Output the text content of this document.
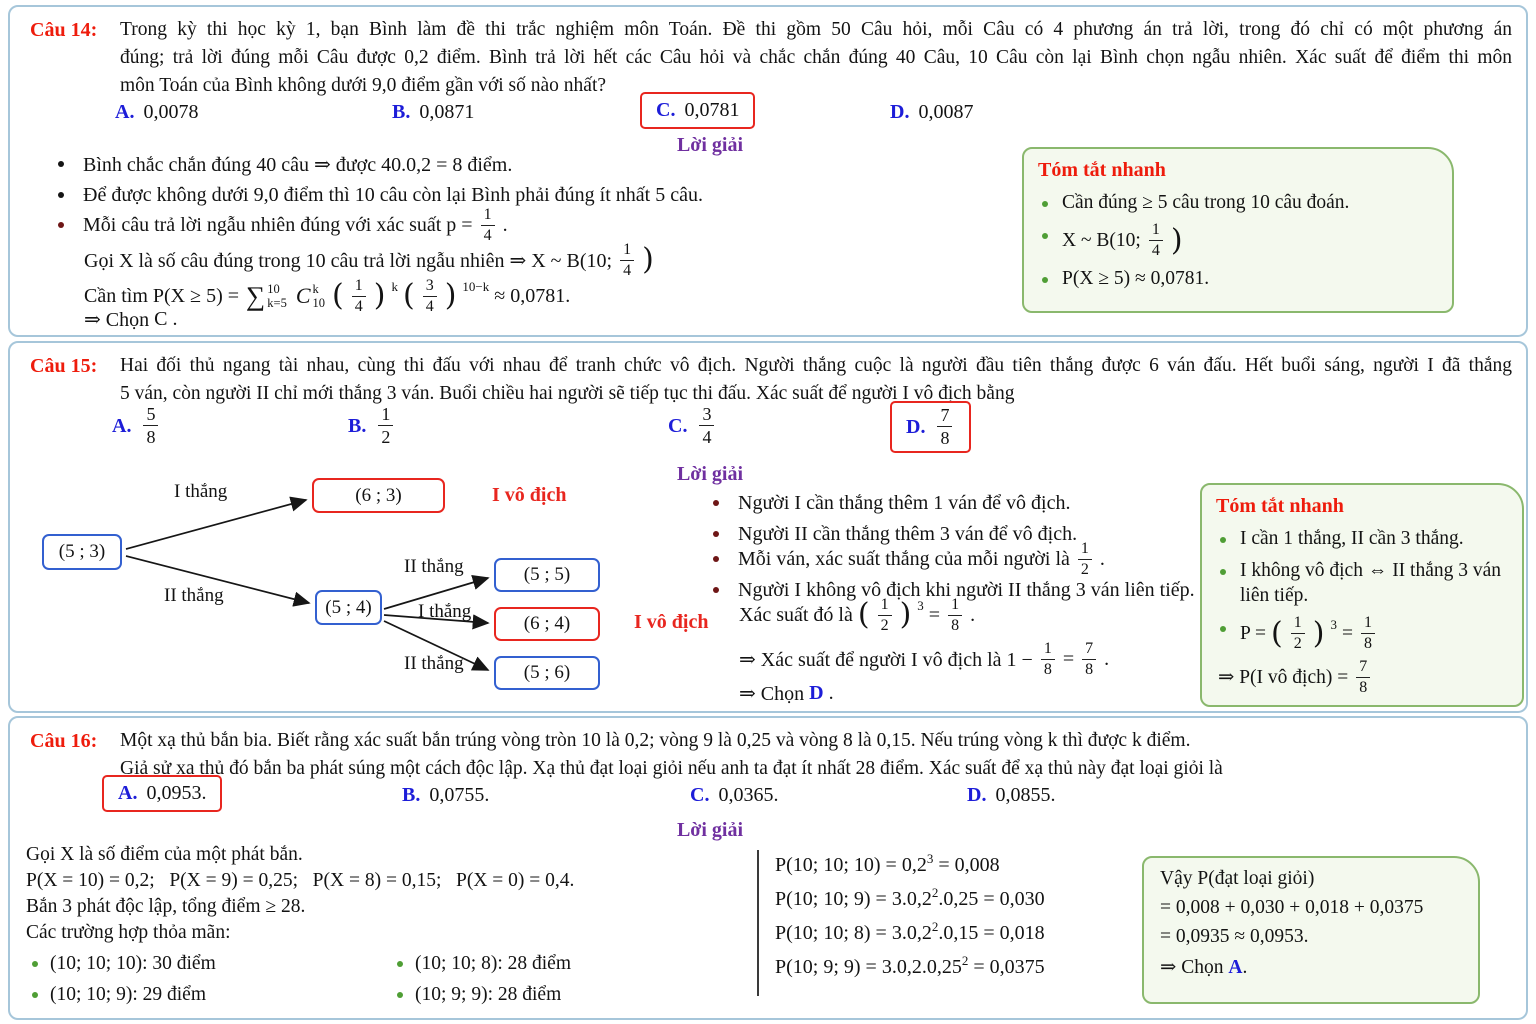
Câu 14:	Trong kỳ thi học kỳ 1, bạn Bình làm đề thi trắc nghiệm môn Toán. Đề thi gồm 50 Câu hỏi, mỗi Câu có 4 phương án trả lời, trong đó chỉ có một phương án
đúng; trả lời đúng mỗi Câu được 0,2 điểm. Bình trả lời hết các Câu hỏi và chắc chắn đúng 40 Câu, 10 Câu còn lại Bình chọn ngẫu nhiên. Xác suất để điểm thi môn
môn Toán của Bình không dưới 9,0 điểm gần với số nào nhất?
A. 0,0078	B. 0,0871	C. 0,0781	D. 0,0087
Lời giải
Bình chắc chắn đúng 40 câu ⇒ được 40.0,2 = 8 điểm.
Để được không dưới 9,0 điểm thì 10 câu còn lại Bình phải đúng ít nhất 5 câu.
Mỗi câu trả lời ngẫu nhiên đúng với xác suất $p = \frac{1}{4}$ .
Gọi X là số câu đúng trong 10 câu trả lời ngẫu nhiên ⇒ X ~ B(10; $\frac{1}{4}$ )
Cần tìm P(X ≥ 5) = ∑ 10
k=5 C k
10 ( $\frac{1}{4}$ ) $^k$ ( $\frac{3}{4}$ ) $^{10-k}$ ≈ 0,0781.
⇒ Chọn C .
Tóm tắt nhanh
Cần đúng ≥ 5 câu trong 10 câu đoán.
X ~ B(10; $\frac{1}{4}$ )
P(X ≥ 5) ≈ 0,0781.
Câu 15:	Hai đối thủ ngang tài nhau, cùng thi đấu với nhau để tranh chức vô địch. Người thắng cuộc là người đầu tiên thắng được 6 ván đấu. Hết buổi sáng, người I đã thắng
5 ván, còn người II chỉ mới thắng 3 ván. Buổi chiều hai người sẽ tiếp tục thi đấu. Xác suất để người I vô địch bằng
A. $\frac{5}{8}$	B. $\frac{1}{2}$	C. $\frac{3}{4}$	D. $\frac{7}{8}$
Lời giải
(5 ; 3)
(6 ; 3)
(5 ; 4)
(5 ; 5)
(6 ; 4)
(5 ; 6)
I thắng
II thắng
II thắng
I thắng
II thắng
I vô địch
I vô địch
Người I cần thắng thêm 1 ván để vô địch.
Người II cần thắng thêm 3 ván để vô địch.
Mỗi ván, xác suất thắng của mỗi người là $\frac{1}{2}$ .
Người I không vô địch khi người II thắng 3 ván liên tiếp.
Xác suất đó là ( $\frac{1}{2}$ ) $^3 = \frac{1}{8}$ .
⇒ Xác suất để người I vô địch là $1 - \frac{1}{8} = \frac{7}{8}$ .
⇒ Chọn D .
Tóm tắt nhanh
I cần 1 thắng, II cần 3 thắng.
I không vô địch ⇔ II thắng 3 ván liên tiếp.
P = ( $\frac{1}{2}$ ) $^3 = \frac{1}{8}$
⇒ P(I vô địch) = $\frac{7}{8}$
Câu 16:	Một xạ thủ bắn bia. Biết rằng xác suất bắn trúng vòng tròn 10 là 0,2; vòng 9 là 0,25 và vòng 8 là 0,15. Nếu trúng vòng k thì được k điểm.
Giả sử xạ thủ đó bắn ba phát súng một cách độc lập. Xạ thủ đạt loại giỏi nếu anh ta đạt ít nhất 28 điểm. Xác suất để xạ thủ này đạt loại giỏi là
A. 0,0953.	B. 0,0755.	C. 0,0365.	D. 0,0855.
Lời giải
Gọi X là số điểm của một phát bắn.
P(X = 10) = 0,2;   P(X = 9) = 0,25;   P(X = 8) = 0,15;   P(X = 0) = 0,4.
Bắn 3 phát độc lập, tổng điểm ≥ 28.
Các trường hợp thỏa mãn:
(10; 10; 10): 30 điểm	(10; 10; 8): 28 điểm
(10; 10; 9): 29 điểm	(10; 9; 9): 28 điểm
P(10; 10; $10) = 0,2^3 = 0,008$
P(10; 10; $9) = 3.0,2^2.0,25 = 0,030$
P(10; 10; $8) = 3.0,2^2.0,15 = 0,018$
P(10; 9; $9) = 3.0,2.0,25^2 = 0,0375$
Vậy P(đạt loại giỏi)
= 0,008 + 0,030 + 0,018 + 0,0375
= 0,0935 ≈ 0,0953.
⇒ Chọn A.
